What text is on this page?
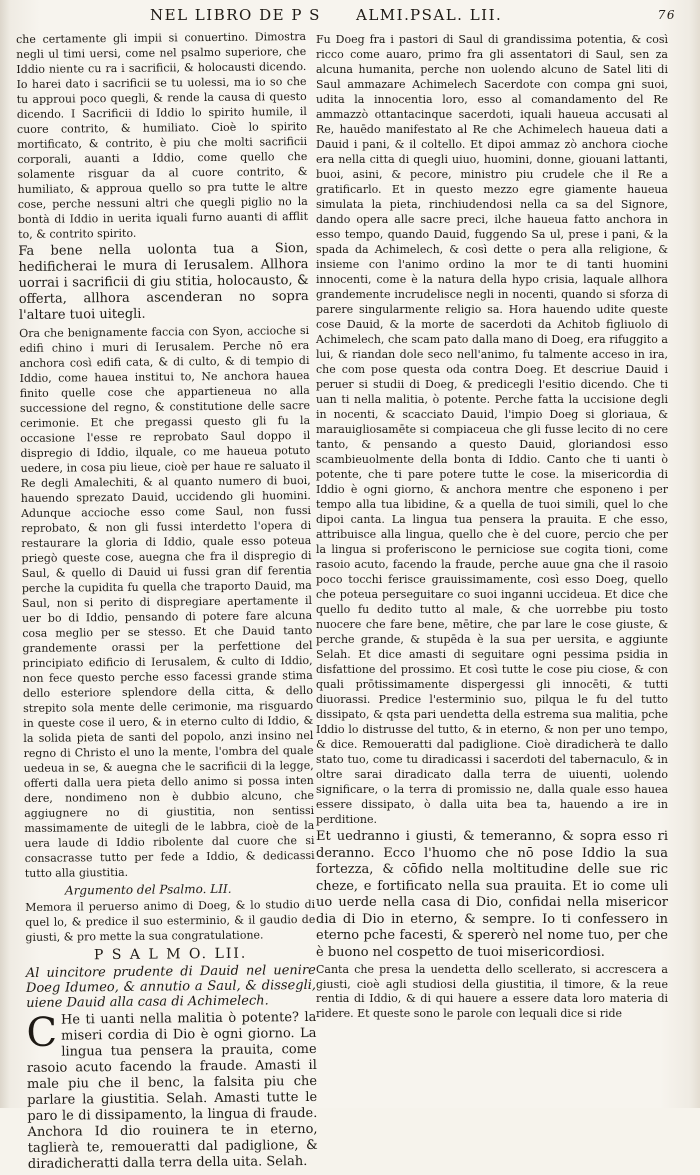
NEL LIBRO DE P S ALMI. PSAL. LII.	76

che certamente gli impii si conuertino. Dimostra negli ul timi uersi, come nel psalmo superiore, che Iddio niente cu ra i sacrificii, & holocausti dicendo. Io harei dato i sacrificii se tu uolessi, ma io so che tu approui poco quegli, & rende la causa di questo dicendo. I Sacrificii di Iddio lo spirito humile, il cuore contrito, & humiliato. Cioè lo spirito mortificato, & contrito, è piu che molti sacrificii corporali, auanti a Iddio, come quello che solamente risguar da al cuore contrito, & humiliato, & approua quello so pra tutte le altre cose, perche nessuni altri che quegli piglio no la bontà di Iddio in uerita iquali furno auanti di afflit to, & contrito spirito.

Fa bene nella uolonta tua a Sion, hedificherai le mura di Ierusalem. Allhora uorrai i sacrificii di giu stitia, holocausto, & offerta, allhora ascenderan no sopra l'altare tuoi uitegli.

Ora che benignamente faccia con Syon, accioche si edifi chino i muri di Ierusalem. Perche nō era anchora così edifi cata, & di culto, & di tempio di Iddio, come hauea institui to, Ne anchora hauea finito quelle cose che appartieneua no alla successione del regno, & constitutione delle sacre cerimonie. Et che pregassi questo gli fu la occasione l'esse re reprobato Saul doppo il dispregio di Iddio, ilquale, co me haueua potuto uedere, in cosa piu lieue, cioè per haue re saluato il Re degli Amalechiti, & al quanto numero di buoi, hauendo sprezato Dauid, uccidendo gli huomini. Adunque accioche esso come Saul, non fussi reprobato, & non gli fussi interdetto l'opera di restaurare la gloria di Iddio, quale esso poteua priegò queste cose, auegna che fra il dispregio di Saul, & quello di Dauid ui fussi gran dif ferentia perche la cupidita fu quella che traporto Dauid, ma Saul, non si perito di dispregiare apertamente il uer bo di Iddio, pensando di potere fare alcuna cosa meglio per se stesso. Et che Dauid tanto grandemente orassi per la perfettione del principiato edificio di Ierusalem, & culto di Iddio, non fece questo perche esso facessi grande stima dello esteriore splendore della citta, & dello strepito sola mente delle cerimonie, ma risguardo in queste cose il uero, & in eterno culto di Iddio, & la solida pieta de santi del popolo, anzi insino nel regno di Christo el uno la mente, l'ombra del quale uedeua in se, & auegna che le sacrificii di la legge, offerti dalla uera pieta dello animo si possa inten dere, nondimeno non è dubbio alcuno, che aggiugnere no di giustitia, non sentissi massimamente de uitegli de le labbra, cioè de la uera laude di Iddio ribolente dal cuore che si consacrasse tutto per fede a Iddio, & dedicassi tutto alla giustitia.

Argumento del Psalmo. LII.

Memora il peruerso animo di Doeg, & lo studio di quel lo, & predice il suo esterminio, & il gaudio de giusti, & pro mette la sua congratulatione.

P S A L M O. LII.

Al uincitore prudente di Dauid nel uenire Doeg Idumeo, & annutio a Saul, & dissegli, uiene Dauid alla casa di Achimelech.

C He ti uanti nella malitia ò potente? la miseri cordia di Dio è ogni giorno. La lingua tua pensera la prauita, come rasoio acuto facendo la fraude. Amasti il male piu che il benc, la falsita piu che parlare la giustitia. Selah. Amasti tutte le paro le di dissipamento, la lingua di fraude. Anchora Id dio rouinera te in eterno, taglierà te, remoueratti dal padiglione, & diradicheratti dalla terra della uita. Selah.

Fu Doeg fra i pastori di Saul di grandissima potentia, & così ricco come auaro, primo fra gli assentatori di Saul, sen za alcuna humanita, perche non uolendo alcuno de Satel liti di Saul ammazare Achimelech Sacerdote con compa gni suoi, udita la innocentia loro, esso al comandamento del Re ammazzò ottantacinque sacerdoti, iquali haueua accusati al Re, hauēdo manifestato al Re che Achimelech haueua dati a Dauid i pani, & il coltello. Et dipoi ammaz zò anchora cioche era nella citta di quegli uiuo, huomini, donne, giouani lattanti, buoi, asini, & pecore, ministro piu crudele che il Re a gratificarlo. Et in questo mezzo egre giamente haueua simulata la pieta, rinchiudendosi nella ca sa del Signore, dando opera alle sacre preci, ilche haueua fatto anchora in esso tempo, quando Dauid, fuggendo Sa ul, prese i pani, & la spada da Achimelech, & così dette o pera alla religione, & insieme con l'animo ordino la mor te di tanti huomini innocenti, come è la natura della hypo crisia, laquale allhora grandemente incrudelisce negli in nocenti, quando si sforza di parere singularmente religio sa. Hora hauendo udite queste cose Dauid, & la morte de sacerdoti da Achitob figliuolo di Achimelech, che scam pato dalla mano di Doeg, era rifuggito a lui, & riandan dole seco nell'animo, fu talmente acceso in ira, che com pose questa oda contra Doeg. Et descriue Dauid i peruer si studii di Doeg, & predicegli l'esitio dicendo. Che ti uan ti nella malitia, ò potente. Perche fatta la uccisione degli in nocenti, & scacciato Dauid, l'impio Doeg si gloriaua, & marauigliosamēte si compiaceua che gli fusse lecito di no cere tanto, & pensando a questo Dauid, gloriandosi esso scambieuolmente della bonta di Iddio. Canto che ti uanti ò potente, che ti pare potere tutte le cose. la misericordia di Iddio è ogni giorno, & anchora mentre che esponeno i per tempo alla tua libidine, & a quella de tuoi simili, quel lo che dipoi canta. La lingua tua pensera la prauita. E che esso, attribuisce alla lingua, quello che è del cuore, percio che per la lingua si proferiscono le perniciose sue cogita tioni, come rasoio acuto, facendo la fraude, perche auue gna che il rasoio poco tocchi ferisce grauissimamente, così esso Doeg, quello che poteua perseguitare co suoi inganni uccideua. Et dice che quello fu dedito tutto al male, & che uorrebbe piu tosto nuocere che fare bene, mētire, che par lare le cose giuste, & perche grande, & stupēda è la sua per uersita, e aggiunte Selah. Et dice amasti di seguitare ogni pessima psidia in disfattione del prossimo. Et così tutte le cose piu ciose, & con quali prōtissimamente dispergessi gli innocēti, & tutti diuorassi. Predice l'esterminio suo, pilqua le fu del tutto dissipato, & qsta pari uendetta della estrema sua malitia, pche Iddio lo distrusse del tutto, & in eterno, & non per uno tempo, & dice. Remoueratti dal padiglione. Cioè diradicherà te dallo stato tuo, come tu diradicassi i sacerdoti del tabernaculo, & in oltre sarai diradicato dalla terra de uiuenti, uolendo significare, o la terra di promissio ne, dalla quale esso hauea essere dissipato, ò dalla uita bea ta, hauendo a ire in perditione.

Et uedranno i giusti, & temeranno, & sopra esso ri deranno. Ecco l'huomo che nō pose Iddio la sua fortezza, & cōfido nella moltitudine delle sue ric cheze, e fortificato nella sua prauita. Et io come uli uo uerde nella casa di Dio, confidai nella misericor dia di Dio in eterno, & sempre. Io ti confessero in eterno pche facesti, & spererò nel nome tuo, per che è buono nel cospetto de tuoi misericordiosi.

Canta che presa la uendetta dello scellerato, si accrescera a giusti, cioè agli studiosi della giustitia, il timore, & la reue rentia di Iddio, & di qui hauere a essere data loro materia di ridere. Et queste sono le parole con lequali dice si ride
